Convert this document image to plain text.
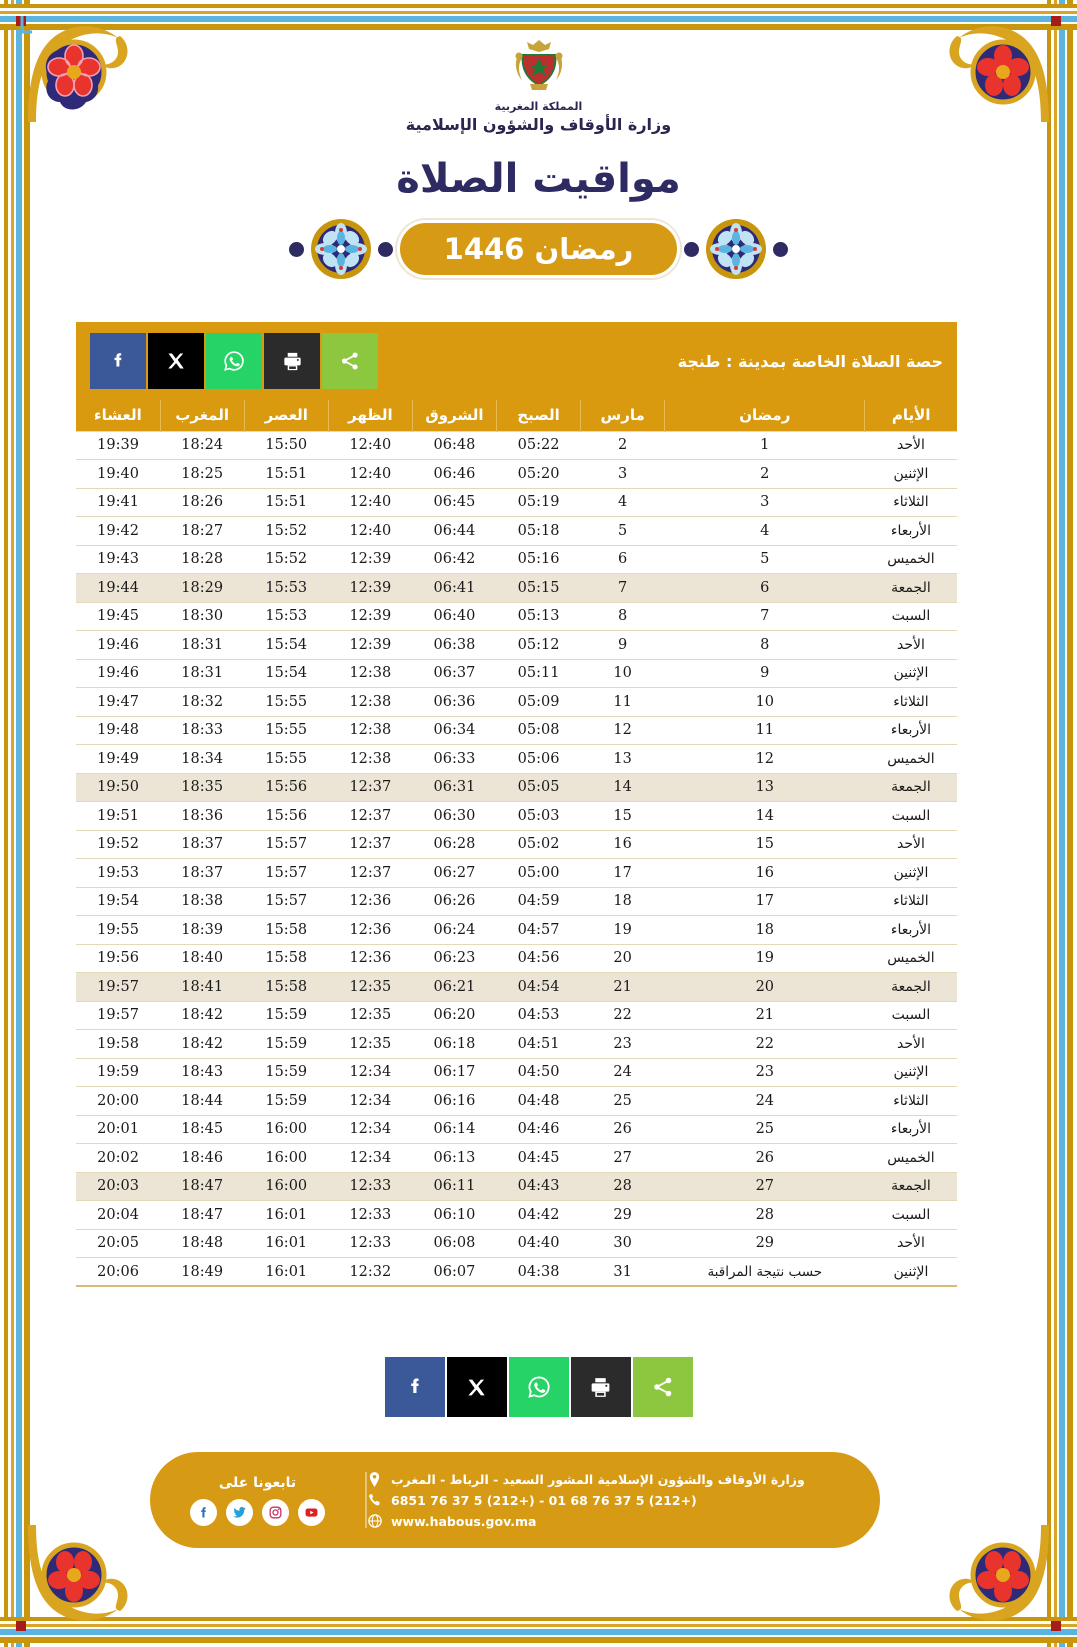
المملكة المغربية
وزارة الأوقاف والشؤون الإسلامية
مواقيت الصلاة
رمضان 1446
حصة الصلاة الخاصة بمدينة : طنجة
الأيام	رمضان	مارس	الصبح	الشروق	الظهر	العصر	المغرب	العشاء
الأحد	1	2	05:22	06:48	12:40	15:50	18:24	19:39
الإثنين	2	3	05:20	06:46	12:40	15:51	18:25	19:40
الثلاثاء	3	4	05:19	06:45	12:40	15:51	18:26	19:41
الأربعاء	4	5	05:18	06:44	12:40	15:52	18:27	19:42
الخميس	5	6	05:16	06:42	12:39	15:52	18:28	19:43
الجمعة	6	7	05:15	06:41	12:39	15:53	18:29	19:44
السبت	7	8	05:13	06:40	12:39	15:53	18:30	19:45
الأحد	8	9	05:12	06:38	12:39	15:54	18:31	19:46
الإثنين	9	10	05:11	06:37	12:38	15:54	18:31	19:46
الثلاثاء	10	11	05:09	06:36	12:38	15:55	18:32	19:47
الأربعاء	11	12	05:08	06:34	12:38	15:55	18:33	19:48
الخميس	12	13	05:06	06:33	12:38	15:55	18:34	19:49
الجمعة	13	14	05:05	06:31	12:37	15:56	18:35	19:50
السبت	14	15	05:03	06:30	12:37	15:56	18:36	19:51
الأحد	15	16	05:02	06:28	12:37	15:57	18:37	19:52
الإثنين	16	17	05:00	06:27	12:37	15:57	18:37	19:53
الثلاثاء	17	18	04:59	06:26	12:36	15:57	18:38	19:54
الأربعاء	18	19	04:57	06:24	12:36	15:58	18:39	19:55
الخميس	19	20	04:56	06:23	12:36	15:58	18:40	19:56
الجمعة	20	21	04:54	06:21	12:35	15:58	18:41	19:57
السبت	21	22	04:53	06:20	12:35	15:59	18:42	19:57
الأحد	22	23	04:51	06:18	12:35	15:59	18:42	19:58
الإثنين	23	24	04:50	06:17	12:34	15:59	18:43	19:59
الثلاثاء	24	25	04:48	06:16	12:34	15:59	18:44	20:00
الأربعاء	25	26	04:46	06:14	12:34	16:00	18:45	20:01
الخميس	26	27	04:45	06:13	12:34	16:00	18:46	20:02
الجمعة	27	28	04:43	06:11	12:33	16:00	18:47	20:03
السبت	28	29	04:42	06:10	12:33	16:01	18:47	20:04
الأحد	29	30	04:40	06:08	12:33	16:01	18:48	20:05
الإثنين	حسب نتيجة المراقبة	31	04:38	06:07	12:32	16:01	18:49	20:06
وزارة الأوقاف والشؤون الإسلامية المشور السعيد - الرباط - المغرب
(+212) 5 37 76 68 01 - (+212) 5 37 76 6851
www.habous.gov.ma
تابعونا على
